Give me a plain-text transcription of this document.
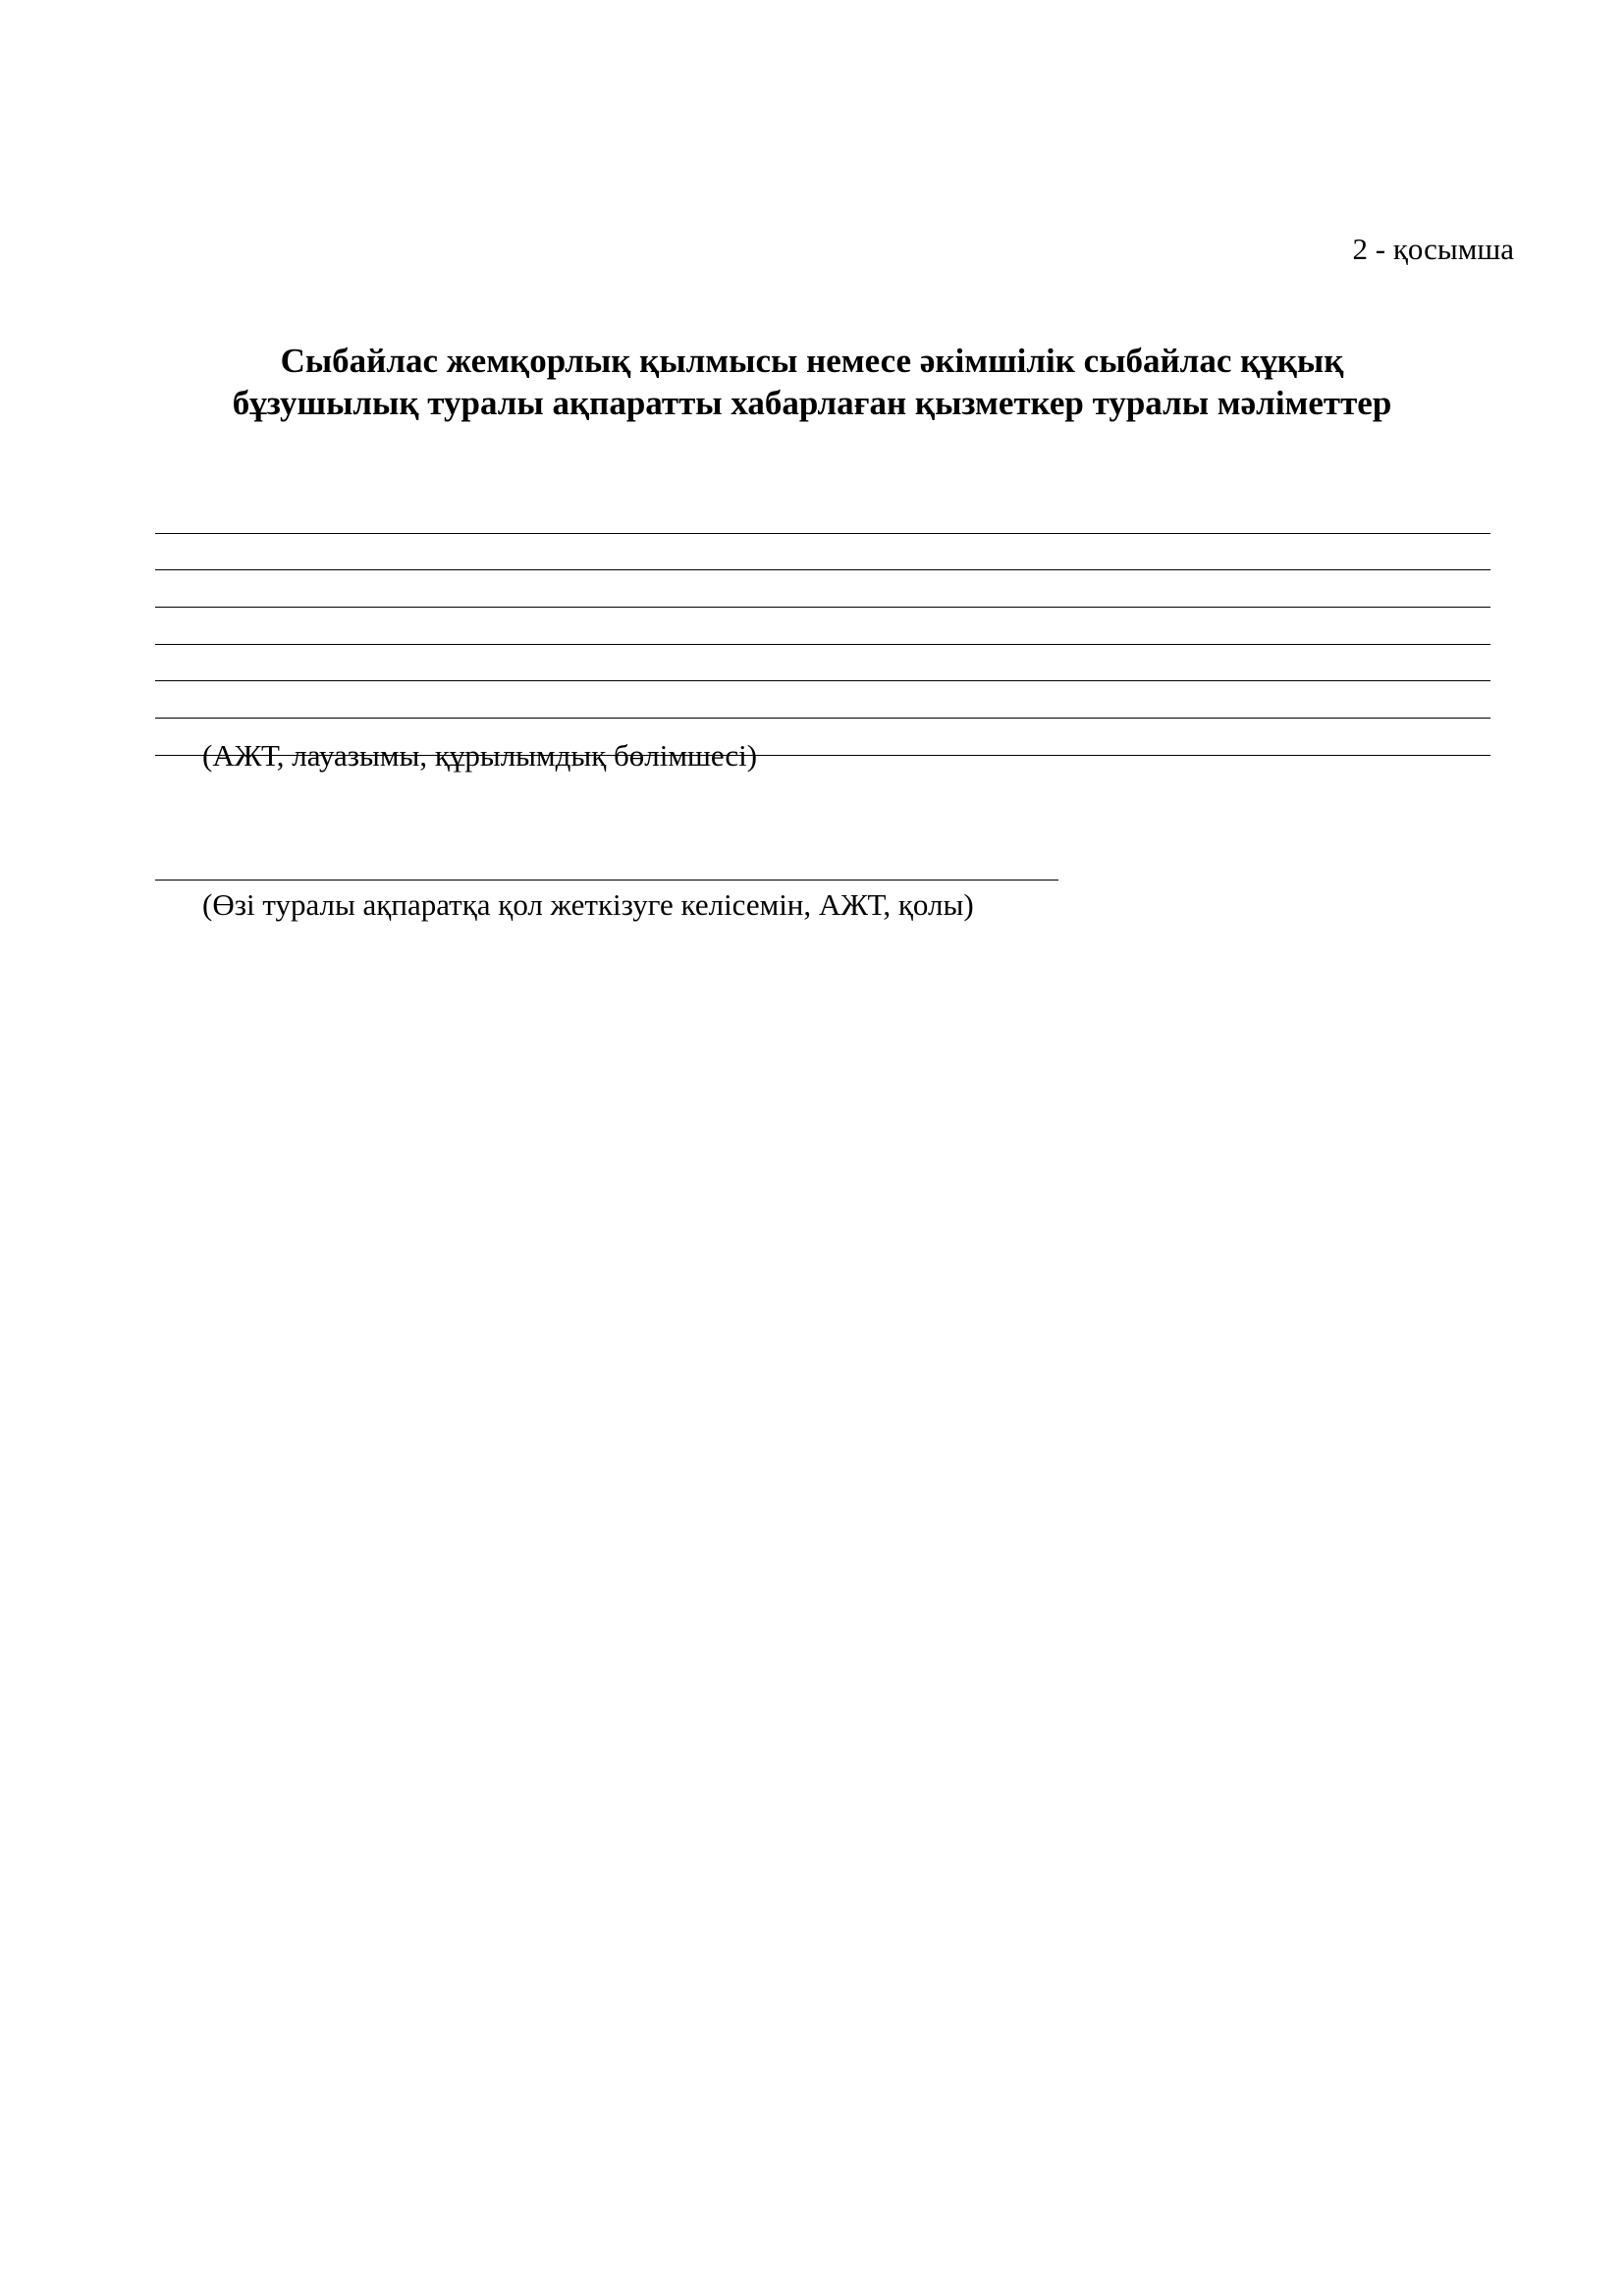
2 - қосымша
Сыбайлас жемқорлық қылмысы немесе әкімшілік сыбайлас құқық
бұзушылық туралы ақпаратты хабарлаған қызметкер туралы мәліметтер
(АЖТ, лауазымы, құрылымдық бөлімшесі)
(Өзі туралы ақпаратқа қол жеткізуге келісемін, АЖТ, қолы)
